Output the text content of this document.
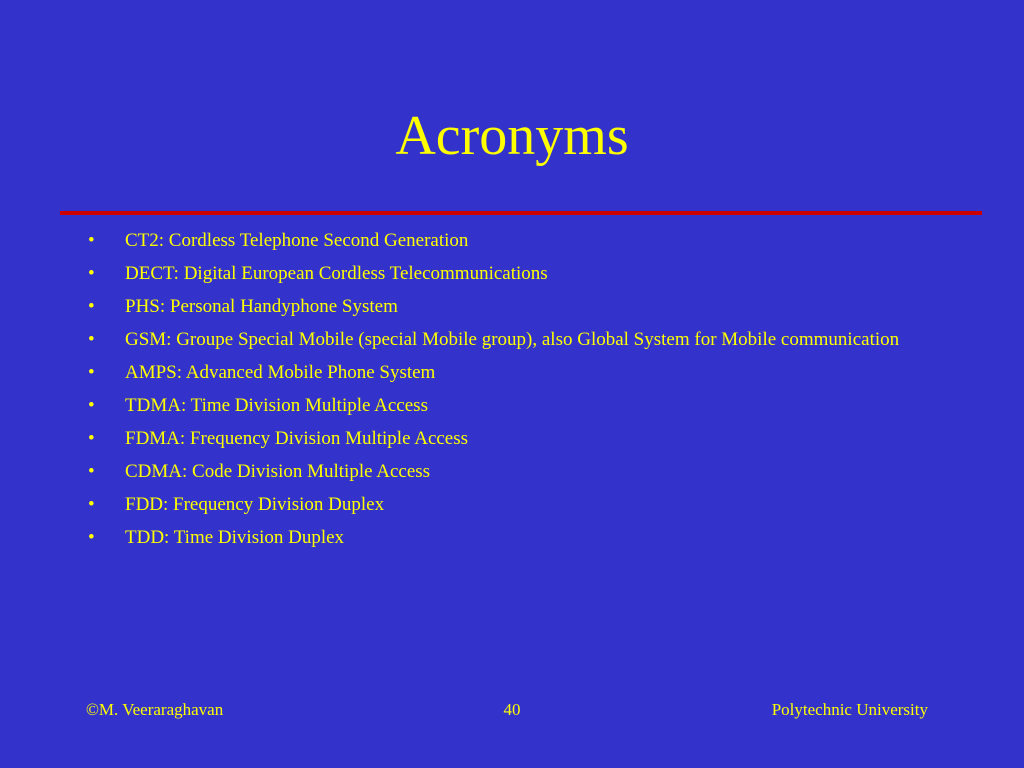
Acronyms
• CT2: Cordless Telephone Second Generation
• DECT: Digital European Cordless Telecommunications
• PHS: Personal Handyphone System
• GSM: Groupe Special Mobile (special Mobile group), also Global System for Mobile communication
• AMPS: Advanced Mobile Phone System
• TDMA: Time Division Multiple Access
• FDMA: Frequency Division Multiple Access
• CDMA: Code Division Multiple Access
• FDD: Frequency Division Duplex
• TDD: Time Division Duplex
©M. Veeraraghavan	40	Polytechnic University
